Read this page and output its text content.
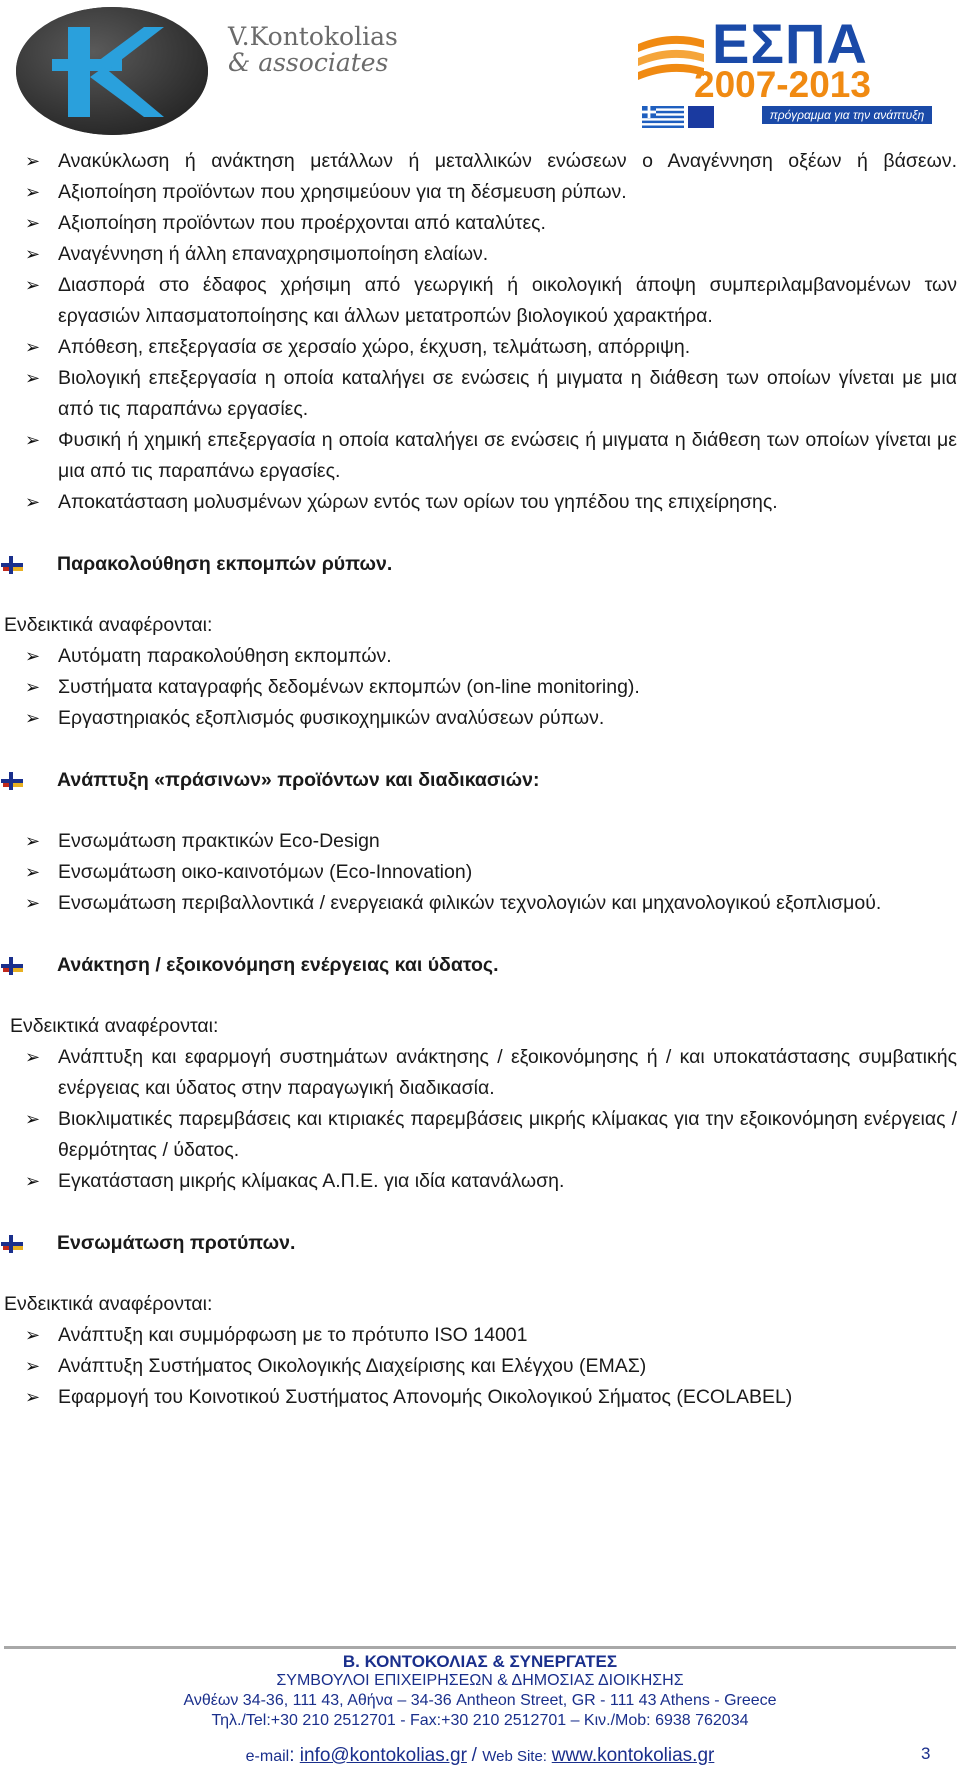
V.Kontokolias
& associates	ΕΣΠΑ
2007-2013
πρόγραμμα για την ανάπτυξη
➢ Ανακύκλωση ή ανάκτηση μετάλλων ή μεταλλικών ενώσεων ο Αναγέννηση οξέων ή βάσεων.
➢ Αξιοποίηση προϊόντων που χρησιμεύουν για τη δέσμευση ρύπων.
➢ Αξιοποίηση προϊόντων που προέρχονται από καταλύτες.
➢ Αναγέννηση ή άλλη επαναχρησιμοποίηση ελαίων.
➢ Διασπορά στο έδαφος χρήσιμη από γεωργική ή οικολογική άποψη συμπεριλαμβανομένων των εργασιών λιπασματοποίησης και άλλων μετατροπών βιολογικού χαρακτήρα.
➢ Απόθεση, επεξεργασία σε χερσαίο χώρο, έκχυση, τελμάτωση, απόρριψη.
➢ Βιολογική επεξεργασία η οποία καταλήγει σε ενώσεις ή μιγματα η διάθεση των οποίων γίνεται με μια από τις παραπάνω εργασίες.
➢ Φυσική ή χημική επεξεργασία η οποία καταλήγει σε ενώσεις ή μιγματα η διάθεση των οποίων γίνεται με μια από τις παραπάνω εργασίες.
➢ Αποκατάσταση μολυσμένων χώρων εντός των ορίων του γηπέδου της επιχείρησης.
Παρακολούθηση εκπομπών ρύπων.
Ενδεικτικά αναφέρονται:
➢ Αυτόματη παρακολούθηση εκπομπών.
➢ Συστήματα καταγραφής δεδομένων εκπομπών (on-line monitoring).
➢ Εργαστηριακός εξοπλισμός φυσικοχημικών αναλύσεων ρύπων.
Ανάπτυξη «πράσινων» προϊόντων και διαδικασιών:
➢ Ενσωμάτωση πρακτικών Eco-Design
➢ Ενσωμάτωση οικο-καινοτόμων (Eco-Innovation)
➢ Ενσωμάτωση περιβαλλοντικά / ενεργειακά φιλικών τεχνολογιών και μηχανολογικού εξοπλισμού.
Ανάκτηση / εξοικονόμηση ενέργειας και ύδατος.
Ενδεικτικά αναφέρονται:
➢ Ανάπτυξη και εφαρμογή συστημάτων ανάκτησης / εξοικονόμησης ή / και υποκατάστασης συμβατικής ενέργειας και ύδατος στην παραγωγική διαδικασία.
➢ Βιοκλιματικές παρεμβάσεις και κτιριακές παρεμβάσεις μικρής κλίμακας για την εξοικονόμηση ενέργειας / θερμότητας / ύδατος.
➢ Εγκατάσταση μικρής κλίμακας Α.Π.Ε. για ιδία κατανάλωση.
Ενσωμάτωση προτύπων.
Ενδεικτικά αναφέρονται:
➢ Ανάπτυξη και συμμόρφωση με το πρότυπο ISO 14001
➢ Ανάπτυξη Συστήματος Οικολογικής Διαχείρισης και Ελέγχου (ΕΜΑΣ)
➢ Εφαρμογή του Κοινοτικού Συστήματος Απονομής Οικολογικού Σήματος (ECOLABEL)
Β. ΚΟΝΤΟΚΟΛΙΑΣ & ΣΥΝΕΡΓΑΤΕΣ
ΣΥΜΒΟΥΛΟΙ ΕΠΙΧΕΙΡΗΣΕΩΝ & ΔΗΜΟΣΙΑΣ ΔΙΟΙΚΗΣΗΣ
Ανθέων 34-36, 111 43, Αθήνα – 34-36 Antheon Street, GR - 111 43 Athens - Greece
Τηλ./Tel:+30 210 2512701 - Fax:+30 210 2512701 – Κιν./Mob: 6938 762034
e-mail: info@kontokolias.gr / Web Site: www.kontokolias.gr	3
